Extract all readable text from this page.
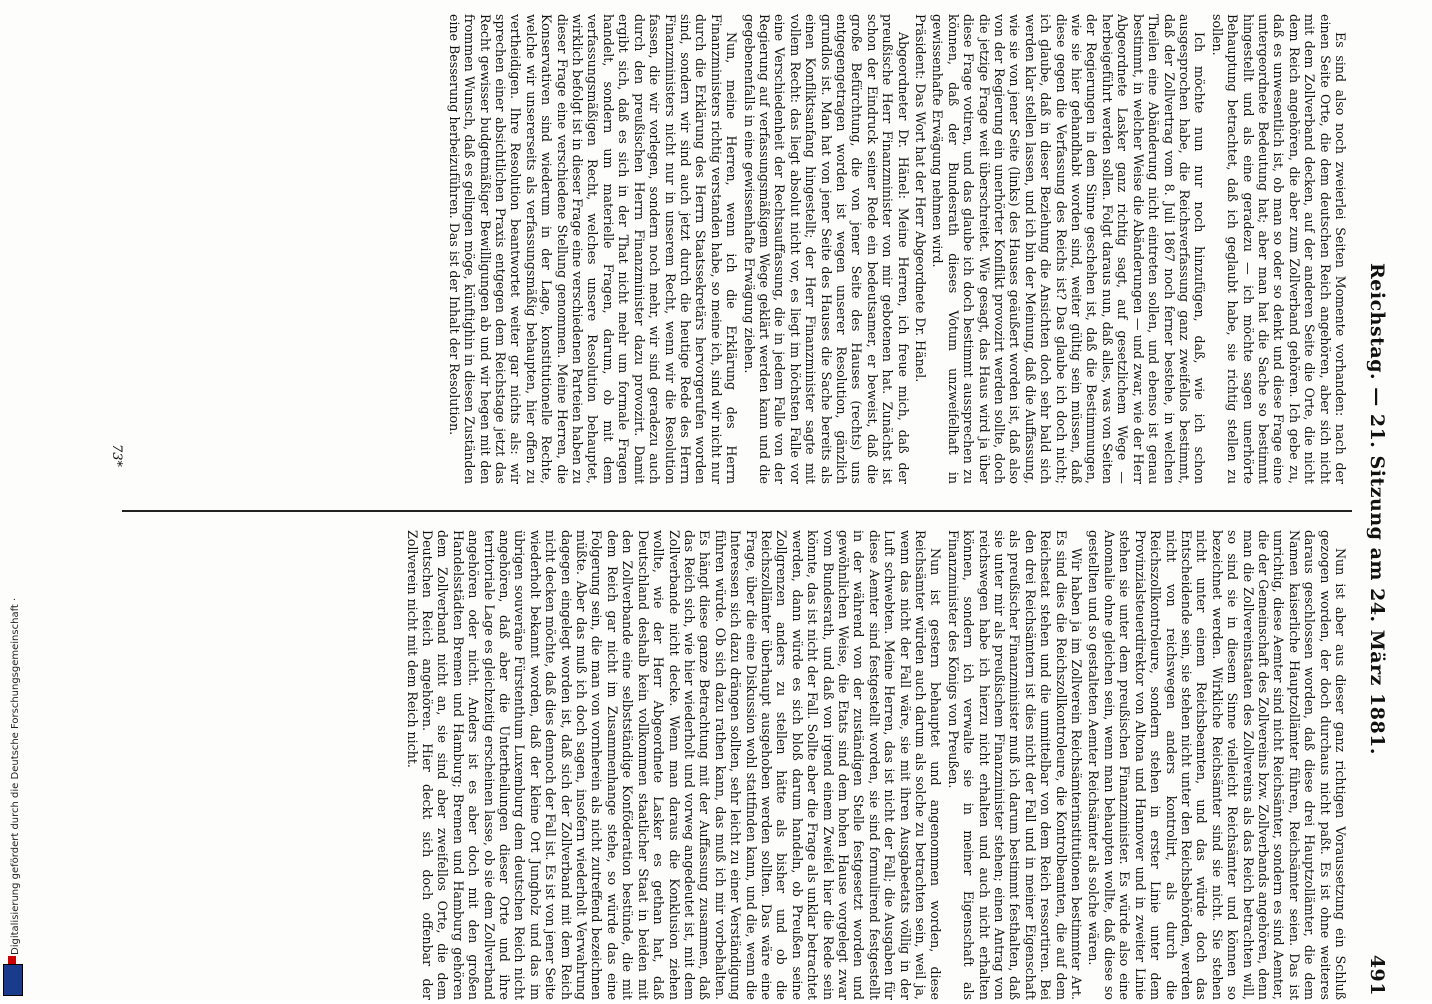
Reichstag. — 21. Sitzung am 24. März 1881.
491

Es sind also noch zweierlei Seiten Momente vorhanden: nach der einen Seite Orte, die dem deutschen Reich angehören, aber sich nicht mit dem Zollverband decken, auf der anderen Seite die Orte, die nicht dem Reich angehören, die aber zum Zollverband gehören. Ich gebe zu, daß es unwesentlich ist, ob man so oder so denkt und diese Frage eine untergeordnete Bedeutung hat; aber man hat die Sache so bestimmt hingestellt und als eine geradezu — ich möchte sagen unerhörte Behauptung betrachtet, daß ich geglaubt habe, sie richtig stellen zu sollen.

Ich möchte nun nur noch hinzufügen, daß, wie ich schon ausgesprochen habe, die Reichsverfassung ganz zweifellos bestimmt, daß der Zollvertrag vom 8. Juli 1867 noch ferner bestehe, in welchen Theilen eine Abänderung nicht eintreten sollen, und ebenso ist genau bestimmt, in welcher Weise die Abänderungen — und zwar, wie der Herr Abgeordnete Lasker ganz richtig sagt, auf gesetzlichem Wege — herbeigeführt werden sollen. Folgt daraus nun, daß alles, was von Seiten der Regierungen in dem Sinne geschehen ist, daß die Bestimmungen, wie sie hier gehandhabt worden sind, weiter gültig sein müssen, daß diese gegen die Verfassung des Reichs ist? Das glaube ich doch nicht; ich glaube, daß in dieser Beziehung die Ansichten doch sehr bald sich werden klar stellen lassen, und ich bin der Meinung, daß die Auffassung, wie sie von jener Seite (links) des Hauses geäußert worden ist, daß also von der Regierung ein unerhörter Konflikt provozirt werden sollte, doch die jetzige Frage weit überschreitet. Wie gesagt, das Haus wird ja über diese Frage votiren, und das glaube ich doch bestimmt aussprechen zu können, daß der Bundesrath dieses Votum unzweifelhaft in gewissenhafte Erwägung nehmen wird.

Präsident: Das Wort hat der Herr Abgeordnete Dr. Hänel.

Abgeordneter Dr. Hänel: Meine Herren, ich freue mich, daß der preußische Herr Finanzminister von mir gebotenen hat. Zunächst ist schon der Eindruck seiner Rede ein bedeutsamer, er beweist, daß die große Befürchtung, die von jener Seite des Hauses (rechts) uns entgegengetragen worden ist wegen unserer Resolution, gänzlich grundlos ist. Man hat von jener Seite des Hauses die Sache bereits als einen Konfliktsanfang hingestellt; der Herr Finanzminister sagte mit vollem Recht: das liegt absolut nicht vor, es liegt im höchsten Falle vor eine Verschiedenheit der Rechtsauffassung, die in jedem Falle von der Regierung auf verfassungsmäßigem Wege geklärt werden kann und die gegebenenfalls in eine gewissenhafte Erwägung ziehen.

Nun, meine Herren, wenn ich die Erklärung des Herrn Finanzministers richtig verstanden habe, so meine ich, sind wir nicht nur durch die Erklärung des Herrn Staatssekretärs hervorgerufen worden sind, sondern wir sind auch jetzt durch die heutige Rede des Herrn Finanzministers nicht nur in unserem Recht, wenn wir die Resolution fassen, die wir vorlegen, sondern noch mehr, wir sind geradezu auch durch den preußischen Herrn Finanzminister dazu provozirt. Damit ergibt sich, daß es sich in der That nicht mehr um formale Fragen handelt, sondern um materielle Fragen, darum, ob mit dem verfassungsmäßigen Recht, welches unsere Resolution behauptet, wirklich befolgt ist in dieser Frage eine verschiedenen Parteien haben zu dieser Frage eine verschiedene Stellung genommen. Meine Herren, die Konservativen sind wiederum in der Lage, konstitutionelle Rechte, welche wir unsererseits als verfassungsmäßig behaupten, hier offen zu vertheidigen. Ihre Resolution beantwortet weiter gar nichts als: wir sprechen einer absichtlichen Praxis entgegen dem Reichstage jetzt das Recht gewisser budgetmäßiger Bewilligungen ab und wir hegen mit den frommen Wunsch, daß es gelingen möge, künftighin in diesen Zuständen eine Besserung herbeizuführen. Das ist der Inhalt der Resolution.

Nun ist aber aus dieser ganz richtigen Voraussetzung ein Schluß gezogen worden, der doch durchaus nicht paßt. Es ist ohne weiteres daraus geschlossen worden, daß diese drei Hauptzollämter, die dem Namen kaiserliche Hauptzollämter führen, Reichsämter seien. Das ist unrichtig, diese Aemter sind nicht Reichsämter, sondern es sind Aemter, die der Gemeinschaft des Zollvereins bzw. Zollverbands angehören, denn man die Zollvereinstaaten des Zollvereins als das Reich betrachten will, so sind sie in diesem Sinne vielleicht Reichsämter und können so bezeichnet werden. Wirkliche Reichsämter sind sie nicht. Sie stehen nicht unter einem Reichsbeamten, und das würde doch das Entscheidende sein, sie stehen nicht unter den Reichsbehörden, werden nicht von reichswegen anders kontrolirt, als durch die Reichszollkontroleure, sondern stehen in erster Linie unter dem Provinzialsteuerdirektor von Altona und Hannover und in zweiter Linie stehen sie unter dem preußischen Finanzminister. Es würde also eine Anomalie ohne gleichen sein, wenn man behaupten wollte, daß diese so gestellten und so gestalteten Aemter Reichsämter als solche wären.

Wir haben ja im Zollverein Reichsämterinstitutionen bestimmter Art. Es sind dies die Reichszollkontroleure, die Kontrolbeamten, die auf dem Reichsetat stehen und die unmittelbar von dem Reich ressortiren. Bei den drei Reichsämtern ist dies nicht der Fall und in meiner Eigenschaft als preußischer Finanzminister muß ich darum bestimmt festhalten, daß sie unter mir als preußischem Finanzminister stehen; einen Antrag von reichswegen habe ich hierzu nicht erhalten und auch nicht erhalten können, sondern ich verwalte sie in meiner Eigenschaft als Finanzminister des Königs von Preußen.

Nun ist gestern behauptet und angenommen worden, diese Reichsämter würden auch darum als solche zu betrachten sein, weil ja, wenn das nicht der Fall wäre, sie mit ihren Ausgabeetats völlig in der Luft schwebten. Meine Herren, das ist nicht der Fall; die Ausgaben für diese Aemter sind festgestellt worden, sie sind formulirend festgestellt in der während von der zuständigen Stelle festgesetzt worden und gewöhnlichen Weise, die Etats sind dem hohen Hause vorgelegt zwar vom Bundesrath, und daß von irgend einem Zweifel hier die Rede sein könnte, das ist nicht der Fall. Sollte aber die Frage als unklar betrachtet werden, dann würde es sich bloß darum handeln, ob Preußen seine Zollgrenzen anders zu stellen hätte als bisher und ob die Reichszollämter überhaupt ausgehoben werden sollten. Das wäre eine Frage, über die eine Diskussion wohl stattfinden kann, und die, wenn die Interessen sich dazu drängen sollten, sehr leicht zu einer Verständigung führen würde. Ob sich dazu rathen kann, das muß ich mir vorbehalten. Es hängt diese ganze Betrachtung mit der Auffassung zusammen, daß das Reich sich, wie hier wiederholt und vorweg angedeutet ist, mit dem Zollverbande nicht decke. Wenn man daraus die Konklusion ziehen wollte, wie der Herr Abgeordnete Lasker es gethan hat, daß Deutschland deshalb kein vollkommen staatlicher Staat in beiden mit den Zollverbande eine selbstständige Konföderation bestünde, die mit dem Reich gar nicht im Zusammenhange stehe, so würde das eine Folgerung sein, die man von vornherein als nicht zutreffend bezeichnen müßte. Aber das muß ich doch sagen, insofern wiederholt Verwahrung dagegen eingelegt worden ist, daß sich der Zollverband mit dem Reich nicht decken möchte, daß dies dennoch der Fall ist. Es ist von jener Seite wiederholt bekannt worden, daß der kleine Ort Jungholz und das im übrigen souveräne Fürstenthum Luxemburg dem deutschen Reich nicht angehören, daß aber die Untertheilungen dieser Orte und ihre territoriale Lage es gleichzeitig erscheinen lasse, ob sie dem Zollverband angehören oder nicht. Anders ist es aber doch mit den großen Handelsstädten Bremen und Hamburg; Bremen und Hamburg gehören dem Zollverband nicht an, sie sind aber zweifellos Orte, die dem Deutschen Reich angehören. Hier deckt sich doch offenbar der Zollverein nicht mit dem Reich nicht.

73*
Digitalisierung gefördert durch die Deutsche Forschungsgemeinschaft ·
